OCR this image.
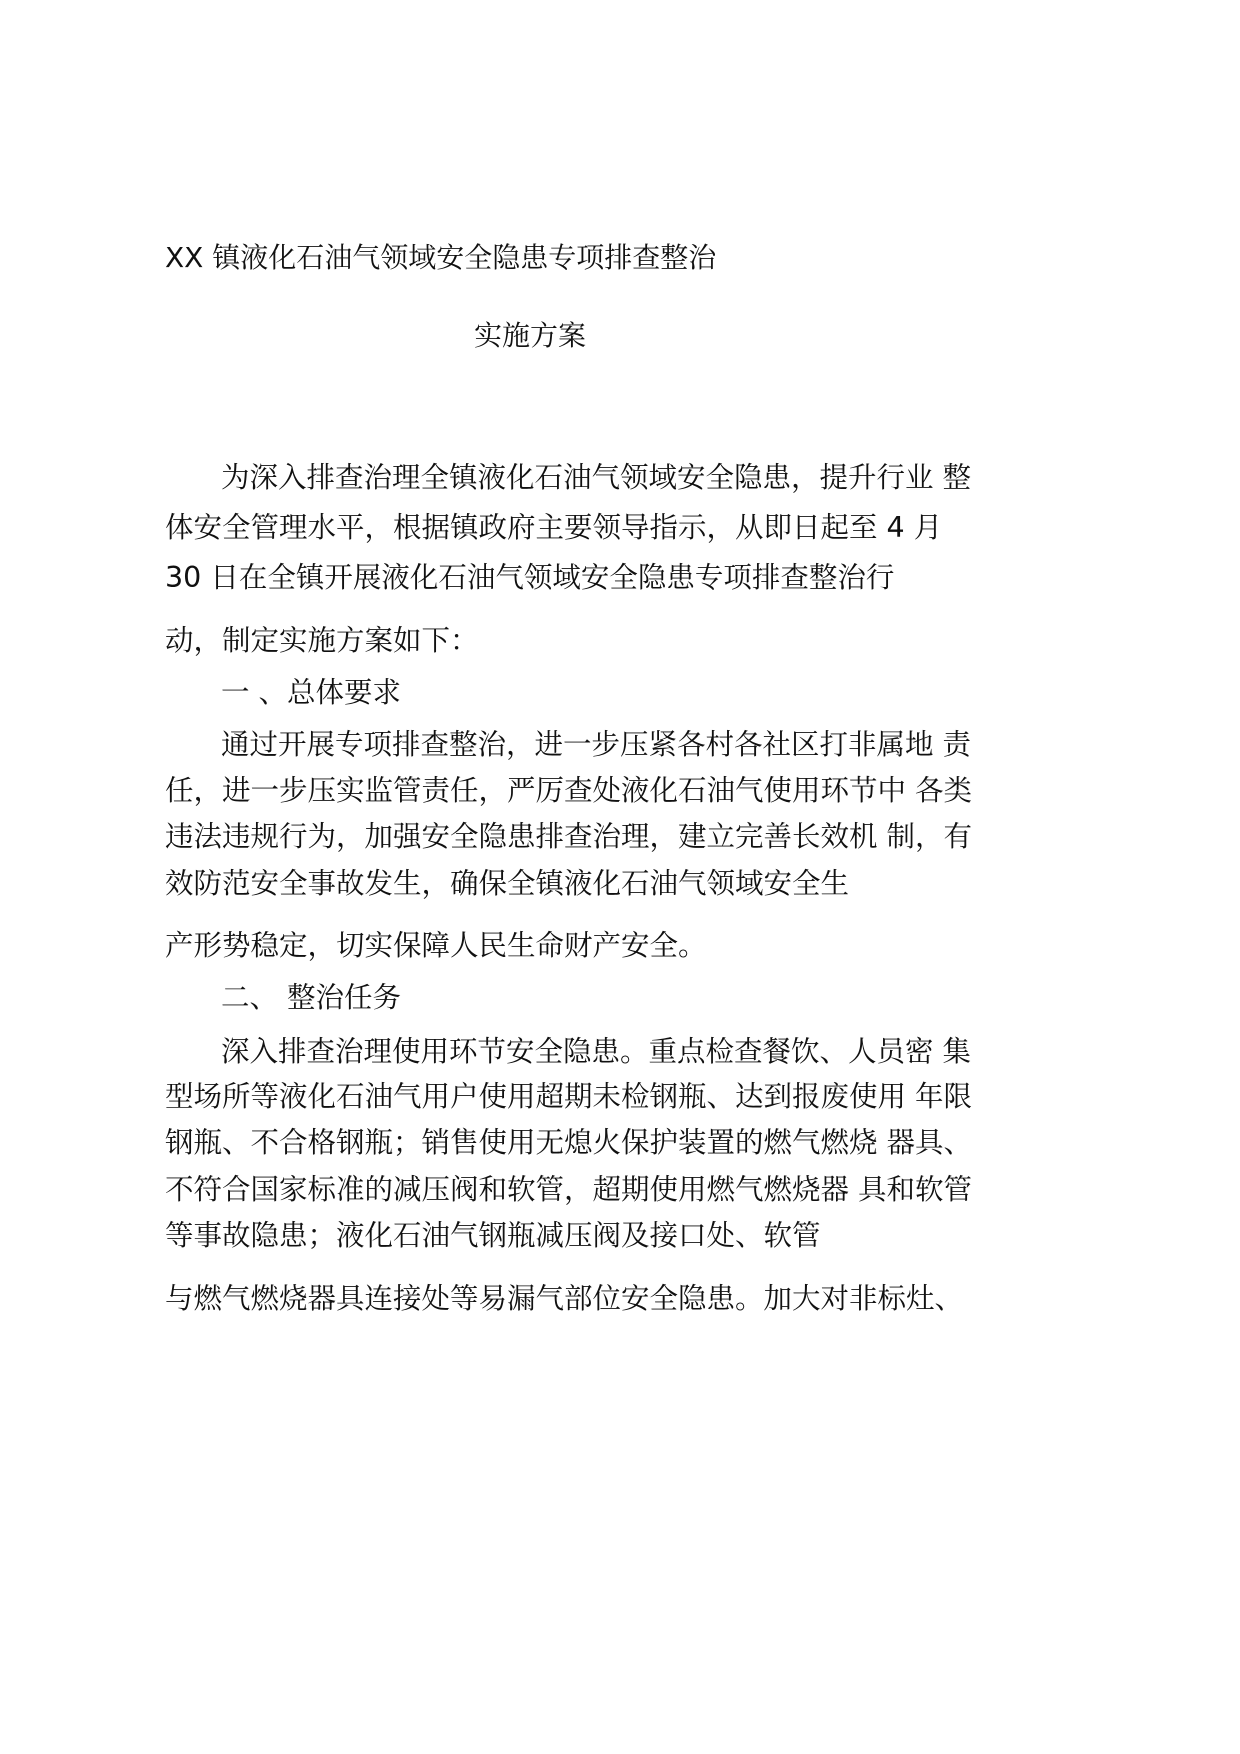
XX 镇液化石油气领域安全隐患专项排查整治
实施方案
为深入排查治理全镇液化石油气领域安全隐患，提升行业 整
体安全管理水平，根据镇政府主要领导指示，从即日起至 4 月
30 日在全镇开展液化石油气领域安全隐患专项排查整治行
动，制定实施方案如下：
一 、总体要求
通过开展专项排查整治，进一步压紧各村各社区打非属地 责
任，进一步压实监管责任，严厉查处液化石油气使用环节中 各类
违法违规行为，加强安全隐患排查治理，建立完善长效机 制，有
效防范安全事故发生，确保全镇液化石油气领域安全生
产形势稳定，切实保障人民生命财产安全。
二、 整治任务
深入排查治理使用环节安全隐患。重点检查餐饮、人员密 集
型场所等液化石油气用户使用超期未检钢瓶、达到报废使用 年限
钢瓶、不合格钢瓶；销售使用无熄火保护装置的燃气燃烧 器具、
不符合国家标准的减压阀和软管，超期使用燃气燃烧器 具和软管
等事故隐患；液化石油气钢瓶减压阀及接口处、软管
与燃气燃烧器具连接处等易漏气部位安全隐患。加大对非标灶、
